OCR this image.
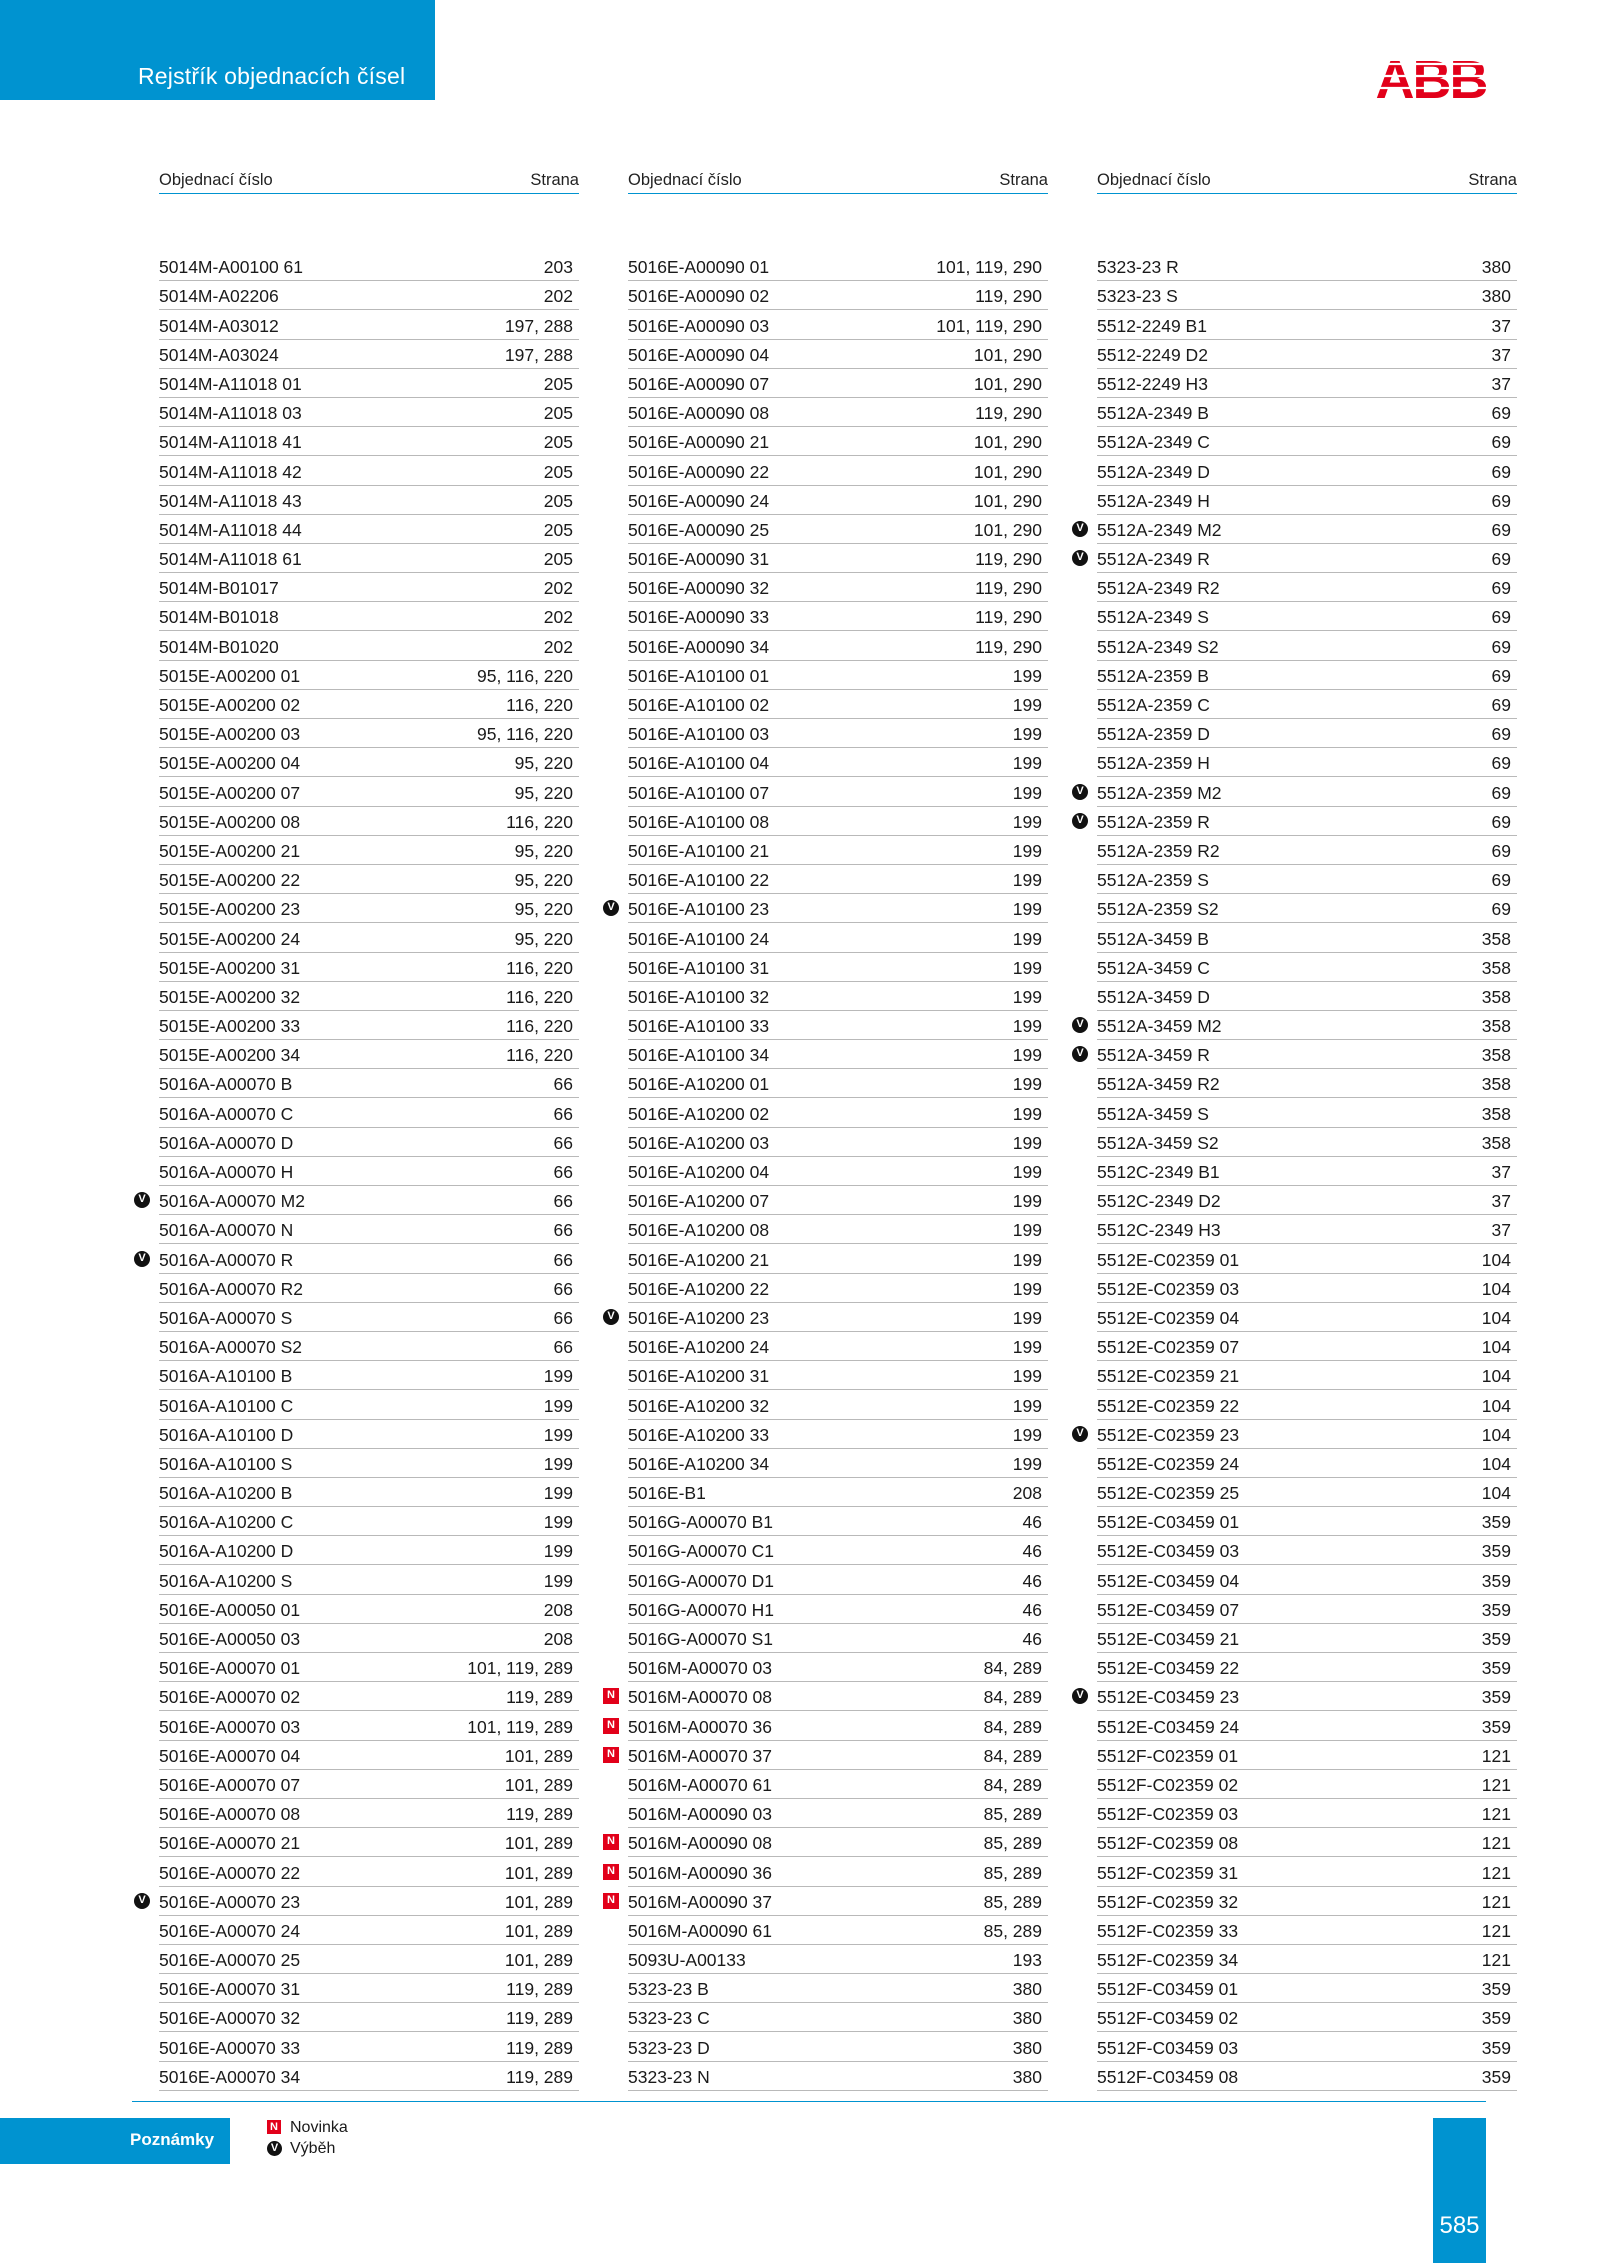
Rejstřík objednacích čísel	ABB
Objednací číslo	Strana
5014M-A00100 61	203
5014M-A02206	202
5014M-A03012	197, 288
5014M-A03024	197, 288
5014M-A11018 01	205
5014M-A11018 03	205
5014M-A11018 41	205
5014M-A11018 42	205
5014M-A11018 43	205
5014M-A11018 44	205
5014M-A11018 61	205
5014M-B01017	202
5014M-B01018	202
5014M-B01020	202
5015E-A00200 01	95, 116, 220
5015E-A00200 02	116, 220
5015E-A00200 03	95, 116, 220
5015E-A00200 04	95, 220
5015E-A00200 07	95, 220
5015E-A00200 08	116, 220
5015E-A00200 21	95, 220
5015E-A00200 22	95, 220
5015E-A00200 23	95, 220
5015E-A00200 24	95, 220
5015E-A00200 31	116, 220
5015E-A00200 32	116, 220
5015E-A00200 33	116, 220
5015E-A00200 34	116, 220
5016A-A00070 B	66
5016A-A00070 C	66
5016A-A00070 D	66
5016A-A00070 H	66
V 5016A-A00070 M2	66
5016A-A00070 N	66
V 5016A-A00070 R	66
5016A-A00070 R2	66
5016A-A00070 S	66
5016A-A00070 S2	66
5016A-A10100 B	199
5016A-A10100 C	199
5016A-A10100 D	199
5016A-A10100 S	199
5016A-A10200 B	199
5016A-A10200 C	199
5016A-A10200 D	199
5016A-A10200 S	199
5016E-A00050 01	208
5016E-A00050 03	208
5016E-A00070 01	101, 119, 289
5016E-A00070 02	119, 289
5016E-A00070 03	101, 119, 289
5016E-A00070 04	101, 289
5016E-A00070 07	101, 289
5016E-A00070 08	119, 289
5016E-A00070 21	101, 289
5016E-A00070 22	101, 289
V 5016E-A00070 23	101, 289
5016E-A00070 24	101, 289
5016E-A00070 25	101, 289
5016E-A00070 31	119, 289
5016E-A00070 32	119, 289
5016E-A00070 33	119, 289
5016E-A00070 34	119, 289
Objednací číslo	Strana
5016E-A00090 01	101, 119, 290
5016E-A00090 02	119, 290
5016E-A00090 03	101, 119, 290
5016E-A00090 04	101, 290
5016E-A00090 07	101, 290
5016E-A00090 08	119, 290
5016E-A00090 21	101, 290
5016E-A00090 22	101, 290
5016E-A00090 24	101, 290
5016E-A00090 25	101, 290
5016E-A00090 31	119, 290
5016E-A00090 32	119, 290
5016E-A00090 33	119, 290
5016E-A00090 34	119, 290
5016E-A10100 01	199
5016E-A10100 02	199
5016E-A10100 03	199
5016E-A10100 04	199
5016E-A10100 07	199
5016E-A10100 08	199
5016E-A10100 21	199
5016E-A10100 22	199
V 5016E-A10100 23	199
5016E-A10100 24	199
5016E-A10100 31	199
5016E-A10100 32	199
5016E-A10100 33	199
5016E-A10100 34	199
5016E-A10200 01	199
5016E-A10200 02	199
5016E-A10200 03	199
5016E-A10200 04	199
5016E-A10200 07	199
5016E-A10200 08	199
5016E-A10200 21	199
5016E-A10200 22	199
V 5016E-A10200 23	199
5016E-A10200 24	199
5016E-A10200 31	199
5016E-A10200 32	199
5016E-A10200 33	199
5016E-A10200 34	199
5016E-B1	208
5016G-A00070 B1	46
5016G-A00070 C1	46
5016G-A00070 D1	46
5016G-A00070 H1	46
5016G-A00070 S1	46
5016M-A00070 03	84, 289
N 5016M-A00070 08	84, 289
N 5016M-A00070 36	84, 289
N 5016M-A00070 37	84, 289
5016M-A00070 61	84, 289
5016M-A00090 03	85, 289
N 5016M-A00090 08	85, 289
N 5016M-A00090 36	85, 289
N 5016M-A00090 37	85, 289
5016M-A00090 61	85, 289
5093U-A00133	193
5323-23 B	380
5323-23 C	380
5323-23 D	380
5323-23 N	380
Objednací číslo	Strana
5323-23 R	380
5323-23 S	380
5512-2249 B1	37
5512-2249 D2	37
5512-2249 H3	37
5512A-2349 B	69
5512A-2349 C	69
5512A-2349 D	69
5512A-2349 H	69
V 5512A-2349 M2	69
V 5512A-2349 R	69
5512A-2349 R2	69
5512A-2349 S	69
5512A-2349 S2	69
5512A-2359 B	69
5512A-2359 C	69
5512A-2359 D	69
5512A-2359 H	69
V 5512A-2359 M2	69
V 5512A-2359 R	69
5512A-2359 R2	69
5512A-2359 S	69
5512A-2359 S2	69
5512A-3459 B	358
5512A-3459 C	358
5512A-3459 D	358
V 5512A-3459 M2	358
V 5512A-3459 R	358
5512A-3459 R2	358
5512A-3459 S	358
5512A-3459 S2	358
5512C-2349 B1	37
5512C-2349 D2	37
5512C-2349 H3	37
5512E-C02359 01	104
5512E-C02359 03	104
5512E-C02359 04	104
5512E-C02359 07	104
5512E-C02359 21	104
5512E-C02359 22	104
V 5512E-C02359 23	104
5512E-C02359 24	104
5512E-C02359 25	104
5512E-C03459 01	359
5512E-C03459 03	359
5512E-C03459 04	359
5512E-C03459 07	359
5512E-C03459 21	359
5512E-C03459 22	359
V 5512E-C03459 23	359
5512E-C03459 24	359
5512F-C02359 01	121
5512F-C02359 02	121
5512F-C02359 03	121
5512F-C02359 08	121
5512F-C02359 31	121
5512F-C02359 32	121
5512F-C02359 33	121
5512F-C02359 34	121
5512F-C03459 01	359
5512F-C03459 02	359
5512F-C03459 03	359
5512F-C03459 08	359
Poznámky
N Novinka
V Výběh
585
